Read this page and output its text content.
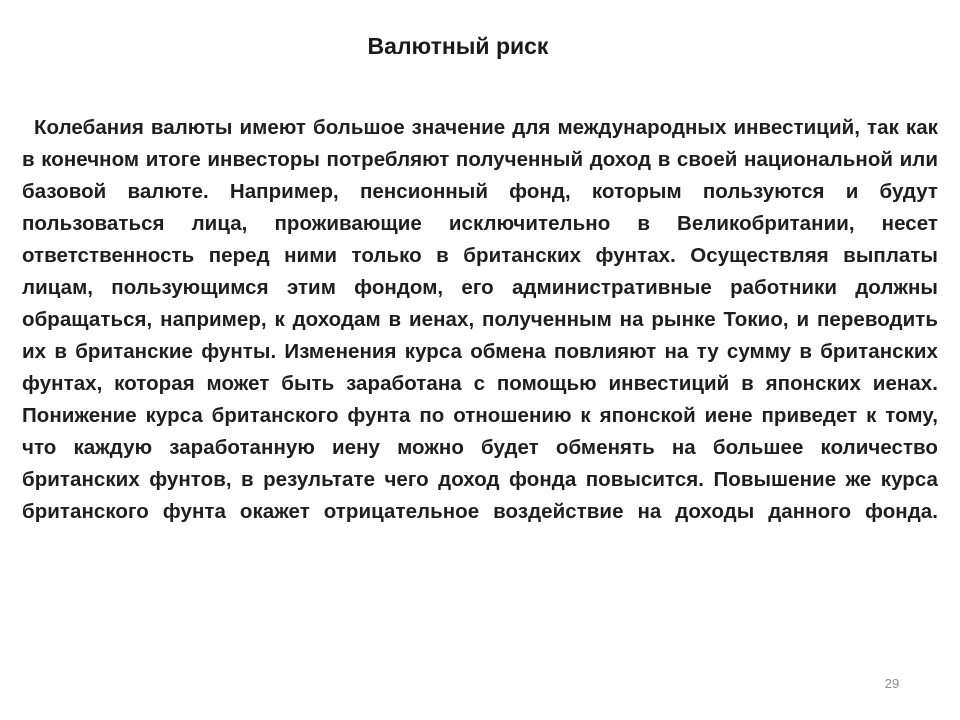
Валютный риск

Колебания валюты имеют большое значение для международных инвестиций, так как в конечном итоге инвесторы потребляют полученный доход в своей национальной или базовой валюте. Например, пенсионный фонд, которым пользуются и будут пользоваться лица, проживающие исключительно в Великобритании, несет ответственность перед ними только в британских фунтах. Осуществляя выплаты лицам, пользующимся этим фондом, его административные работники должны обращаться, например, к доходам в иенах, полученным на рынке Токио, и переводить их в британские фунты. Изменения курса обмена повлияют на ту сумму в британских фунтах, которая может быть заработана с помощью инвестиций в японских иенах. Понижение курса британского фунта по отношению к японской иене приведет к тому, что каждую заработанную иену можно будет обменять на большее количество британских фунтов, в результате чего доход фонда повысится. Повышение же курса британского фунта окажет отрицательное воздействие на доходы данного фонда.

29
